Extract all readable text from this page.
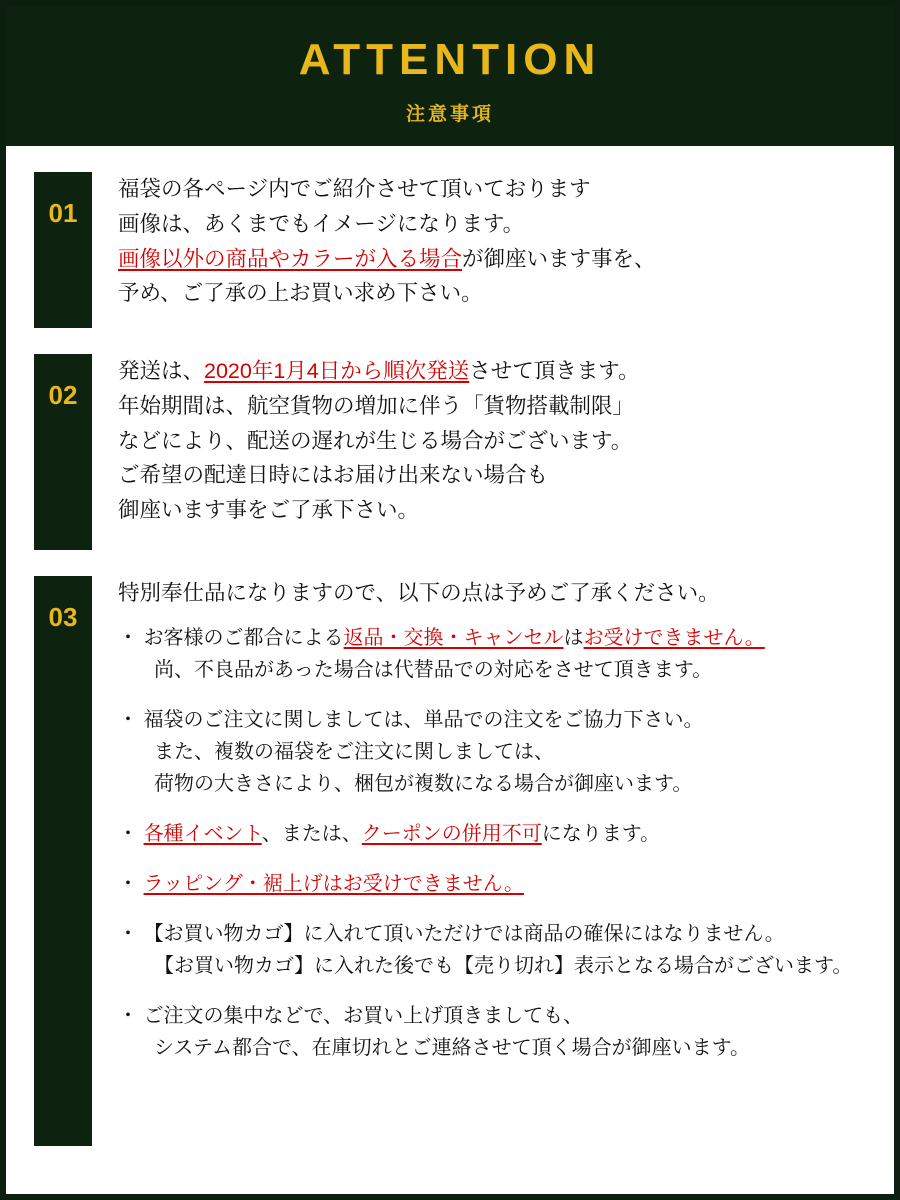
ATTENTION
注意事項
01
福袋の各ページ内でご紹介させて頂いております
画像は、あくまでもイメージになります。
画像以外の商品やカラーが入る場合が御座います事を、
予め、ご了承の上お買い求め下さい。
02
発送は、2020年1月4日から順次発送させて頂きます。
年始期間は、航空貨物の増加に伴う「貨物搭載制限」
などにより、配送の遅れが生じる場合がございます。
ご希望の配達日時にはお届け出来ない場合も
御座います事をご了承下さい。
03
特別奉仕品になりますので、以下の点は予めご了承ください。
・ お客様のご都合による返品・交換・キャンセルはお受けできません。
尚、不良品があった場合は代替品での対応をさせて頂きます。
・ 福袋のご注文に関しましては、単品での注文をご協力下さい。
また、複数の福袋をご注文に関しましては、
荷物の大きさにより、梱包が複数になる場合が御座います。
・ 各種イベント、または、クーポンの併用不可になります。
・ ラッピング・裾上げはお受けできません。
・ 【お買い物カゴ】に入れて頂いただけでは商品の確保にはなりません。
【お買い物カゴ】に入れた後でも【売り切れ】表示となる場合がございます。
・ ご注文の集中などで、お買い上げ頂きましても、
システム都合で、在庫切れとご連絡させて頂く場合が御座います。
